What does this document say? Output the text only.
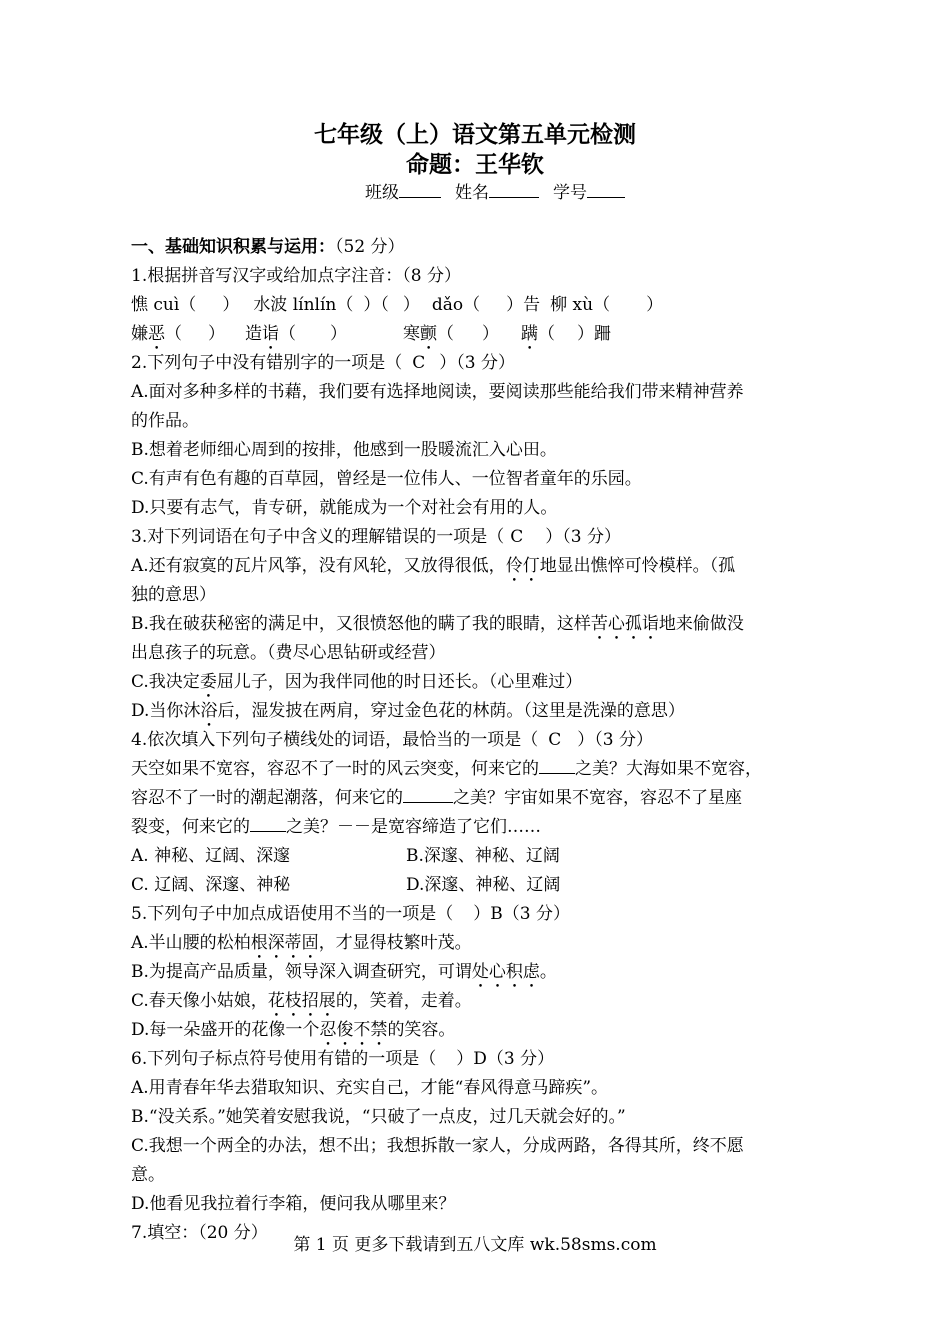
七年级（上）语文第五单元检测
命题：王华钦
班级	姓名	学号
一、基础知识积累与运用：（52 分）
1.根据拼音写汉字或给加点字注音：（8 分）
憔 cuì（ ） 水波 línlín（ ）（ ） dǎo（ ）告 柳 xù（ ）
嫌恶（ ） 造诣（ ）	寒颤（ ） 蹒（ ）跚
2.下列句子中没有错别字的一项是（ C ）（3 分）
A.面对多种多样的书藉，我们要有选择地阅读，要阅读那些能给我们带来精神营养
的作品。
B.想着老师细心周到的按排，他感到一股暖流汇入心田。
C.有声有色有趣的百草园，曾经是一位伟人、一位智者童年的乐园。
D.只要有志气，肯专研，就能成为一个对社会有用的人。
3.对下列词语在句子中含义的理解错误的一项是（ C ）（3 分）
A.还有寂寞的瓦片风筝，没有风轮，又放得很低，伶仃地显出憔悴可怜模样。（孤
独的意思）
B.我在破获秘密的满足中，又很愤怒他的瞒了我的眼睛，这样苦心孤诣地来偷做没
出息孩子的玩意。（费尽心思钻研或经营）
C.我决定委屈儿子，因为我伴同他的时日还长。（心里难过）
D.当你沐浴后，湿发披在两肩，穿过金色花的林荫。（这里是洗澡的意思）
4.依次填入下列句子横线处的词语，最恰当的一项是（ C ）（3 分）
天空如果不宽容，容忍不了一时的风云突变，何来它的 之美？大海如果不宽容，
容忍不了一时的潮起潮落，何来它的	之美？宇宙如果不宽容，容忍不了星座
裂变，何来它的 之美？－－是宽容缔造了它们……
A. 神秘、辽阔、深邃	B.深邃、神秘、辽阔
C. 辽阔、深邃、神秘	D.深邃、神秘、辽阔
5.下列句子中加点成语使用不当的一项是（ ）B（3 分）
A.半山腰的松柏根深蒂固，才显得枝繁叶茂。
B.为提高产品质量，领导深入调查研究，可谓处心积虑。
C.春天像小姑娘，花枝招展的，笑着，走着。
D.每一朵盛开的花像一个忍俊不禁的笑容。
6.下列句子标点符号使用有错的一项是（ ）D（3 分）
A.用青春年华去猎取知识、充实自己，才能“春风得意马蹄疾”。
B.“没关系。”她笑着安慰我说，“只破了一点皮，过几天就会好的。”
C.我想一个两全的办法，想不出；我想拆散一家人，分成两路，各得其所，终不愿
意。
D.他看见我拉着行李箱，便问我从哪里来？
7.填空：（20 分）
第 1 页 更多下载请到五八文库 wk.58sms.com
